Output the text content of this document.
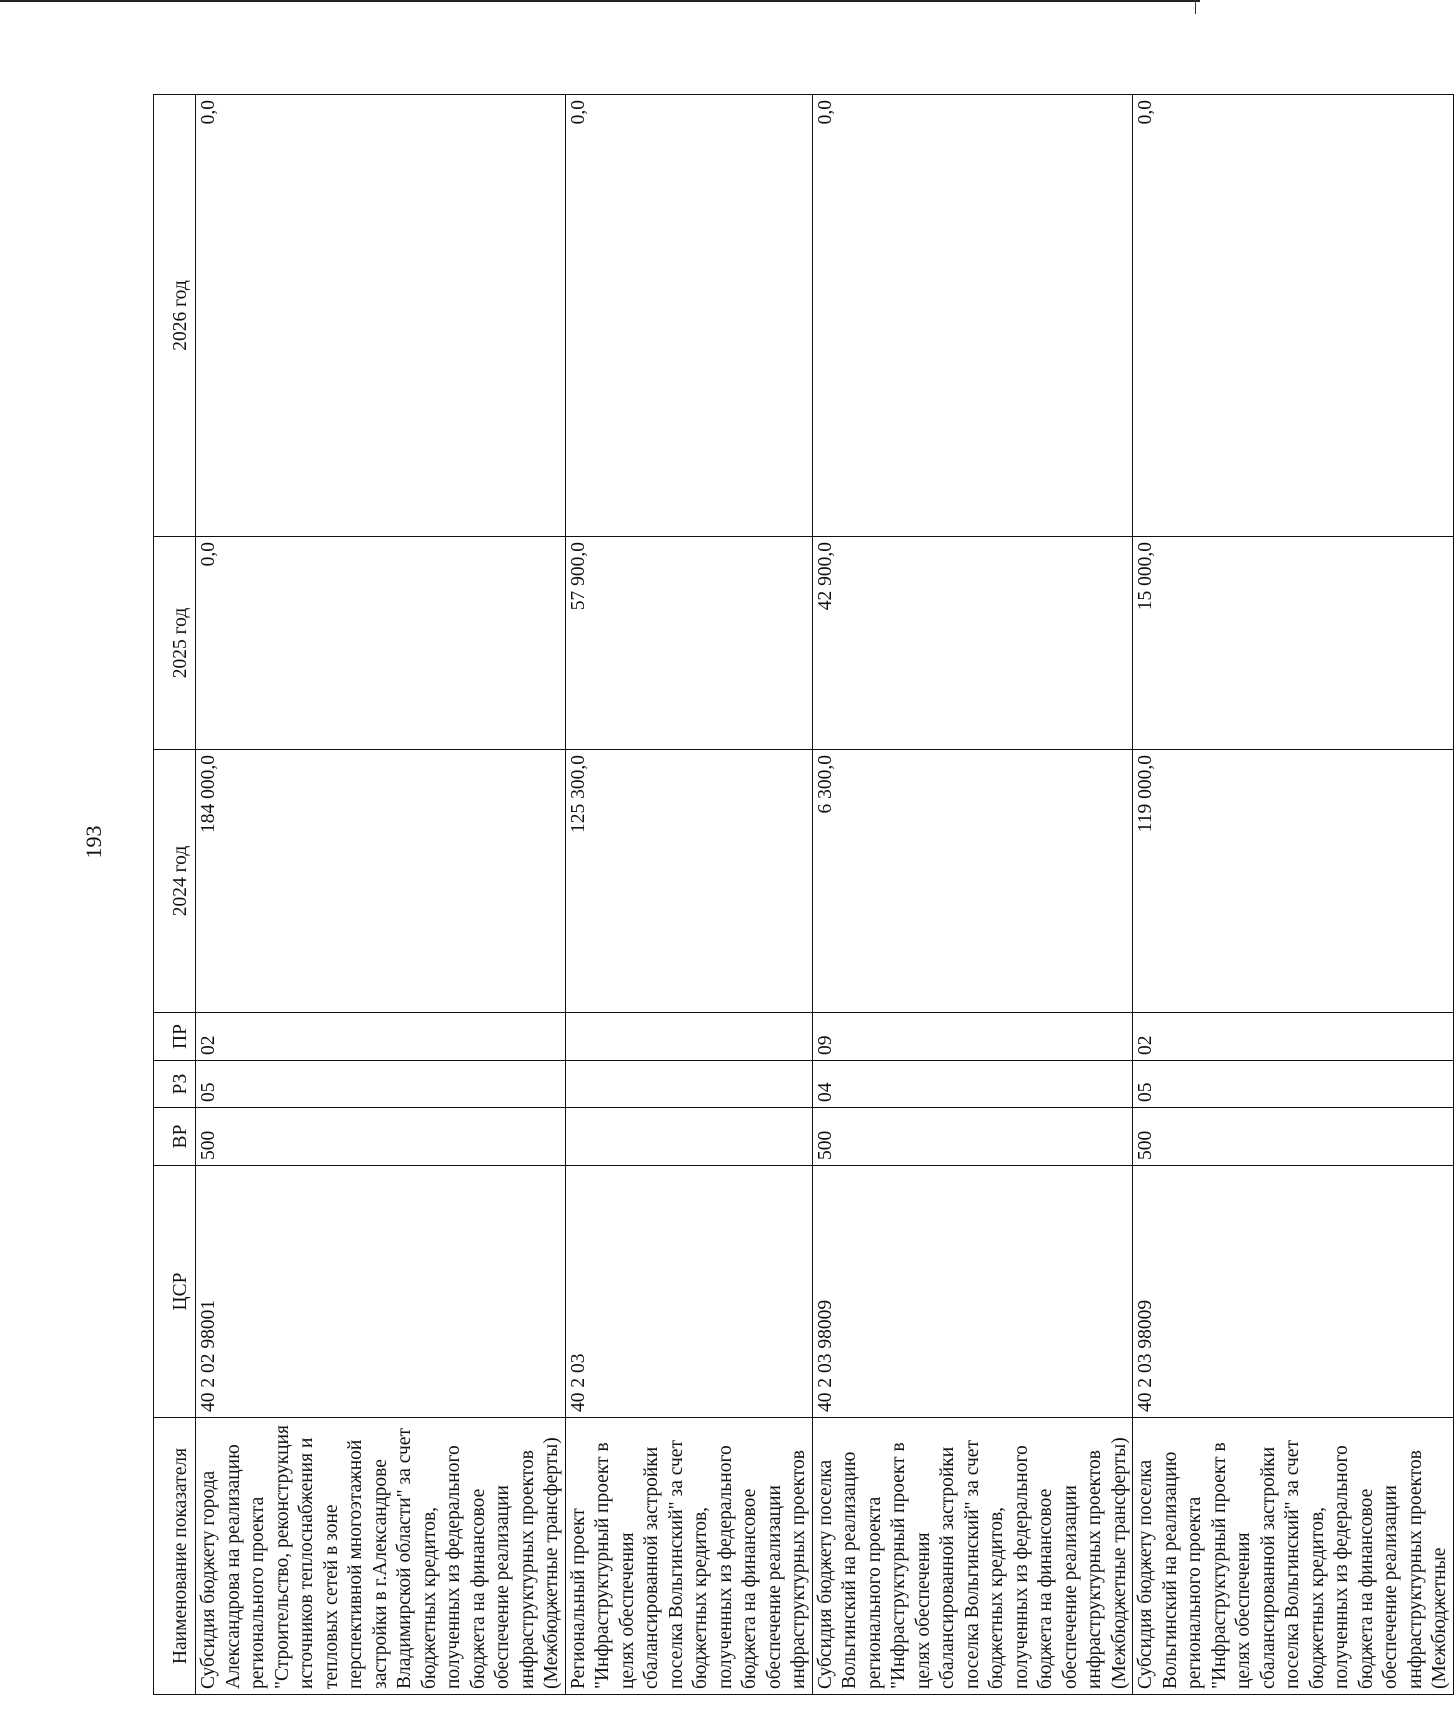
193
Наименование показателя	ЦСР	ВР	РЗ	ПР	2024 год	2025 год	2026 год
Субсидия бюджету города Александрова на реализацию регионального проекта "Строительство, реконструкция источников теплоснабжения и тепловых сетей в зоне перспективной многоэтажной застройки в г.Александрове Владимирской области" за счет бюджетных кредитов, полученных из федерального бюджета на финансовое обеспечение реализации инфраструктурных проектов (Межбюджетные трансферты)	40 2 02 98001	500	05	02	184 000,0	0,0	0,0
Региональный проект "Инфраструктурный проект в целях обеспечения сбалансированной застройки поселка Вольгинский" за счет бюджетных кредитов, полученных из федерального бюджета на финансовое обеспечение реализации инфраструктурных проектов	40 2 03				125 300,0	57 900,0	0,0
Субсидия бюджету поселка Вольгинский на реализацию регионального проекта "Инфраструктурный проект в целях обеспечения сбалансированной застройки поселка Вольгинский" за счет бюджетных кредитов, полученных из федерального бюджета на финансовое обеспечение реализации инфраструктурных проектов (Межбюджетные трансферты)	40 2 03 98009	500	04	09	6 300,0	42 900,0	0,0
Субсидия бюджету поселка Вольгинский на реализацию регионального проекта "Инфраструктурный проект в целях обеспечения сбалансированной застройки поселка Вольгинский" за счет бюджетных кредитов, полученных из федерального бюджета на финансовое обеспечение реализации инфраструктурных проектов (Межбюджетные	40 2 03 98009	500	05	02	119 000,0	15 000,0	0,0
